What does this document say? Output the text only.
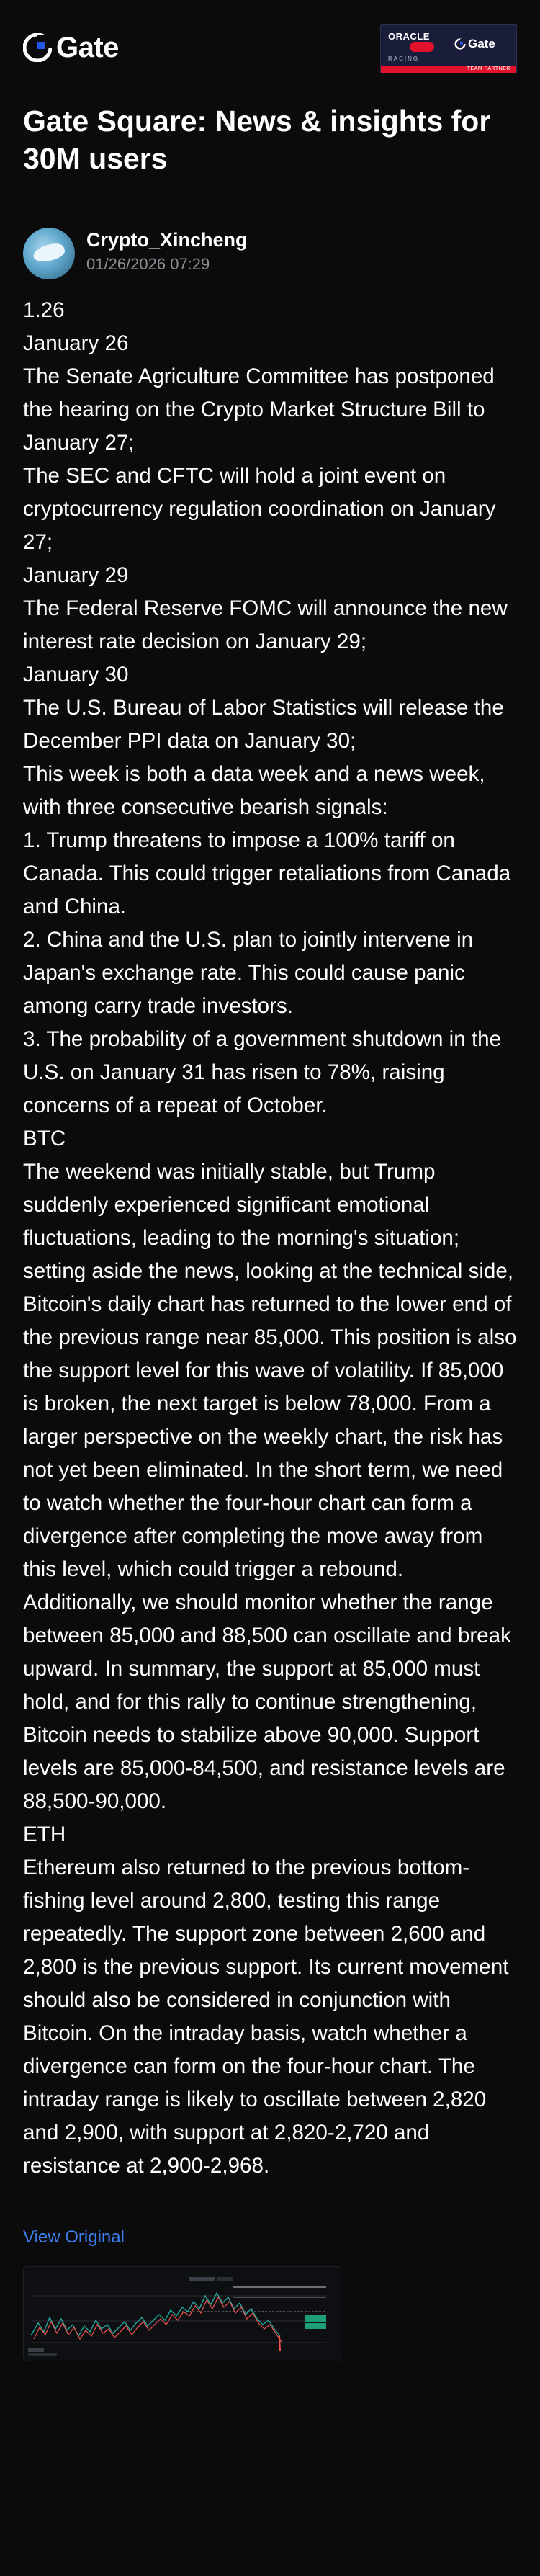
Gate	ORACLE
RACING
Gate
TEAM PARTNER
Gate Square: News & insights for 30M users
Crypto_Xincheng
01/26/2026 07:29

1.26

January 26

The Senate Agriculture Committee has postponed the hearing on the Crypto Market Structure Bill to January 27;

The SEC and CFTC will hold a joint event on cryptocurrency regulation coordination on January 27;

January 29

The Federal Reserve FOMC will announce the new interest rate decision on January 29;

January 30

The U.S. Bureau of Labor Statistics will release the December PPI data on January 30;

This week is both a data week and a news week, with three consecutive bearish signals:

1. Trump threatens to impose a 100% tariff on Canada. This could trigger retaliations from Canada and China.

2. China and the U.S. plan to jointly intervene in Japan's exchange rate. This could cause panic among carry trade investors.

3. The probability of a government shutdown in the U.S. on January 31 has risen to 78%, raising concerns of a repeat of October.

BTC

The weekend was initially stable, but Trump suddenly experienced significant emotional fluctuations, leading to the morning's situation; setting aside the news, looking at the technical side, Bitcoin's daily chart has returned to the lower end of the previous range near 85,000. This position is also the support level for this wave of volatility. If 85,000 is broken, the next target is below 78,000. From a larger perspective on the weekly chart, the risk has not yet been eliminated. In the short term, we need to watch whether the four-hour chart can form a divergence after completing the move away from this level, which could trigger a rebound. Additionally, we should monitor whether the range between 85,000 and 88,500 can oscillate and break upward. In summary, the support at 85,000 must hold, and for this rally to continue strengthening, Bitcoin needs to stabilize above 90,000. Support levels are 85,000-84,500, and resistance levels are 88,500-90,000.

ETH

Ethereum also returned to the previous bottom-fishing level around 2,800, testing this range repeatedly. The support zone between 2,600 and 2,800 is the previous support. Its current movement should also be considered in conjunction with Bitcoin. On the intraday basis, watch whether a divergence can form on the four-hour chart. The intraday range is likely to oscillate between 2,820 and 2,900, with support at 2,820-2,720 and resistance at 2,900-2,968.

View Original
